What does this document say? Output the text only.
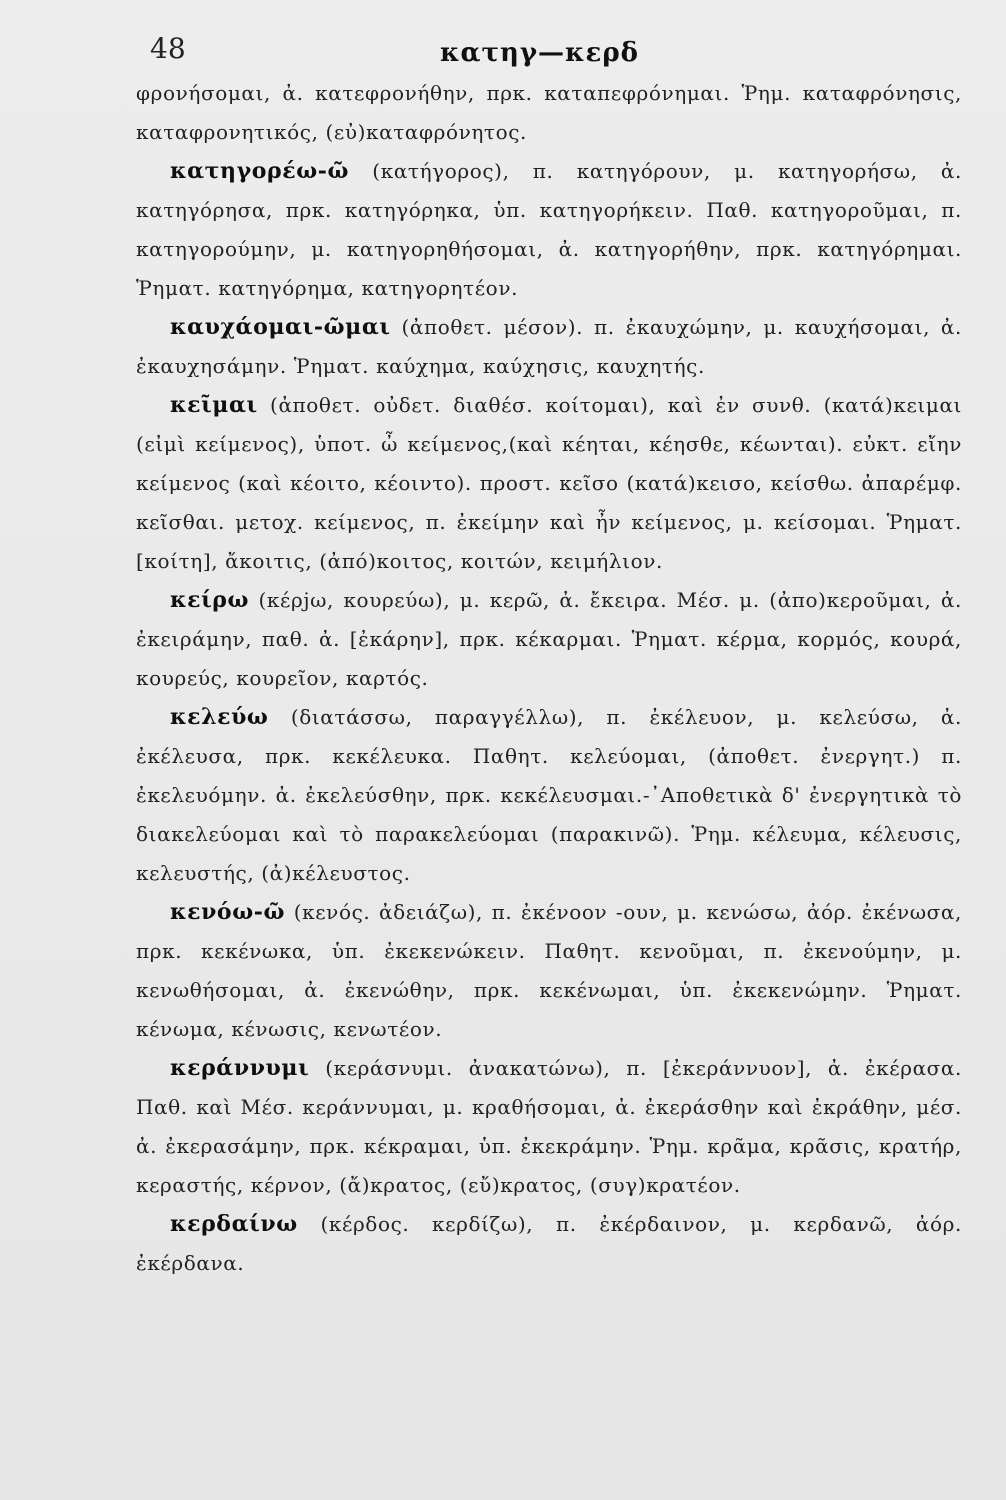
48	κατηγ—κερδ

φρονήσομαι, ἀ. κατεφρονήθην, πρκ. καταπεφρόνημαι. Ῥημ. καταφρόνησις, καταφρονητικός, (εὐ)καταφρόνητος.

κατηγορέω-ῶ (κατήγορος), π. κατηγόρουν, μ. κατηγορήσω, ἀ. κατηγόρησα, πρκ. κατηγόρηκα, ὑπ. κατηγορήκειν. Παθ. κατηγοροῦμαι, π. κατηγορούμην, μ. κατηγορηθήσομαι, ἀ. κατηγορήθην, πρκ. κατηγόρημαι. Ῥηματ. κατηγόρημα, κατηγορητέον.

καυχάομαι-ῶμαι (ἀποθετ. μέσον). π. ἐκαυχώμην, μ. καυχήσομαι, ἀ. ἐκαυχησάμην. Ῥηματ. καύχημα, καύχησις, καυχητής.

κεῖμαι (ἀποθετ. οὐδετ. διαθέσ. κοίτομαι), καὶ ἐν συνθ. (κατά)κειμαι (εἰμὶ κείμενος), ὑποτ. ὦ κείμενος,(καὶ κέηται, κέησθε, κέωνται). εὐκτ. εἴην κείμενος (καὶ κέοιτο, κέοιντο). προστ. κεῖσο (κατά)κεισο, κείσθω. ἀπαρέμφ. κεῖσθαι. μετοχ. κείμενος, π. ἐκείμην καὶ ἦν κείμενος, μ. κείσομαι. Ῥηματ. [κοίτη], ἄκοιτις, (ἀπό)κοιτος, κοιτών, κειμήλιον.

κείρω (κέρjω, κουρεύω), μ. κερῶ, ἀ. ἔκειρα. Μέσ. μ. (ἀπο)κεροῦμαι, ἀ. ἐκειράμην, παθ. ἀ. [ἐκάρην], πρκ. κέκαρμαι. Ῥηματ. κέρμα, κορμός, κουρά, κουρεύς, κουρεῖον, καρτός.

κελεύω (διατάσσω, παραγγέλλω), π. ἐκέλευον, μ. κελεύσω, ἀ. ἐκέλευσα, πρκ. κεκέλευκα. Παθητ. κελεύομαι, (ἀποθετ. ἐνεργητ.) π. ἐκελευόμην. ἀ. ἐκελεύσθην, πρκ. κεκέλευσμαι.-᾿Αποθετικὰ δ' ἐνεργητικὰ τὸ διακελεύομαι καὶ τὸ παρακελεύομαι (παρακινῶ). Ῥημ. κέλευμα, κέλευσις, κελευστής, (ἀ)κέλευστος.

κενόω-ῶ (κενός. ἀδειάζω), π. ἐκένοον -ουν, μ. κενώσω, ἀόρ. ἐκένωσα, πρκ. κεκένωκα, ὑπ. ἐκεκενώκειν. Παθητ. κενοῦμαι, π. ἐκενούμην, μ. κενωθήσομαι, ἀ. ἐκενώθην, πρκ. κεκένωμαι, ὑπ. ἐκεκενώμην. Ῥηματ. κένωμα, κένωσις, κενωτέον.

κεράννυμι (κεράσνυμι. ἀνακατώνω), π. [ἐκεράννυον], ἀ. ἐκέρασα. Παθ. καὶ Μέσ. κεράννυμαι, μ. κραθήσομαι, ἀ. ἐκεράσθην καὶ ἐκράθην, μέσ. ἀ. ἐκερασάμην, πρκ. κέκραμαι, ὑπ. ἐκεκράμην. Ῥημ. κρᾶμα, κρᾶσις, κρατήρ, κεραστής, κέρνον, (ἄ)κρατος, (εὔ)κρατος, (συγ)κρατέον.

κερδαίνω (κέρδος. κερδίζω), π. ἐκέρδαινον, μ. κερδανῶ, ἀόρ. ἐκέρδανα.
